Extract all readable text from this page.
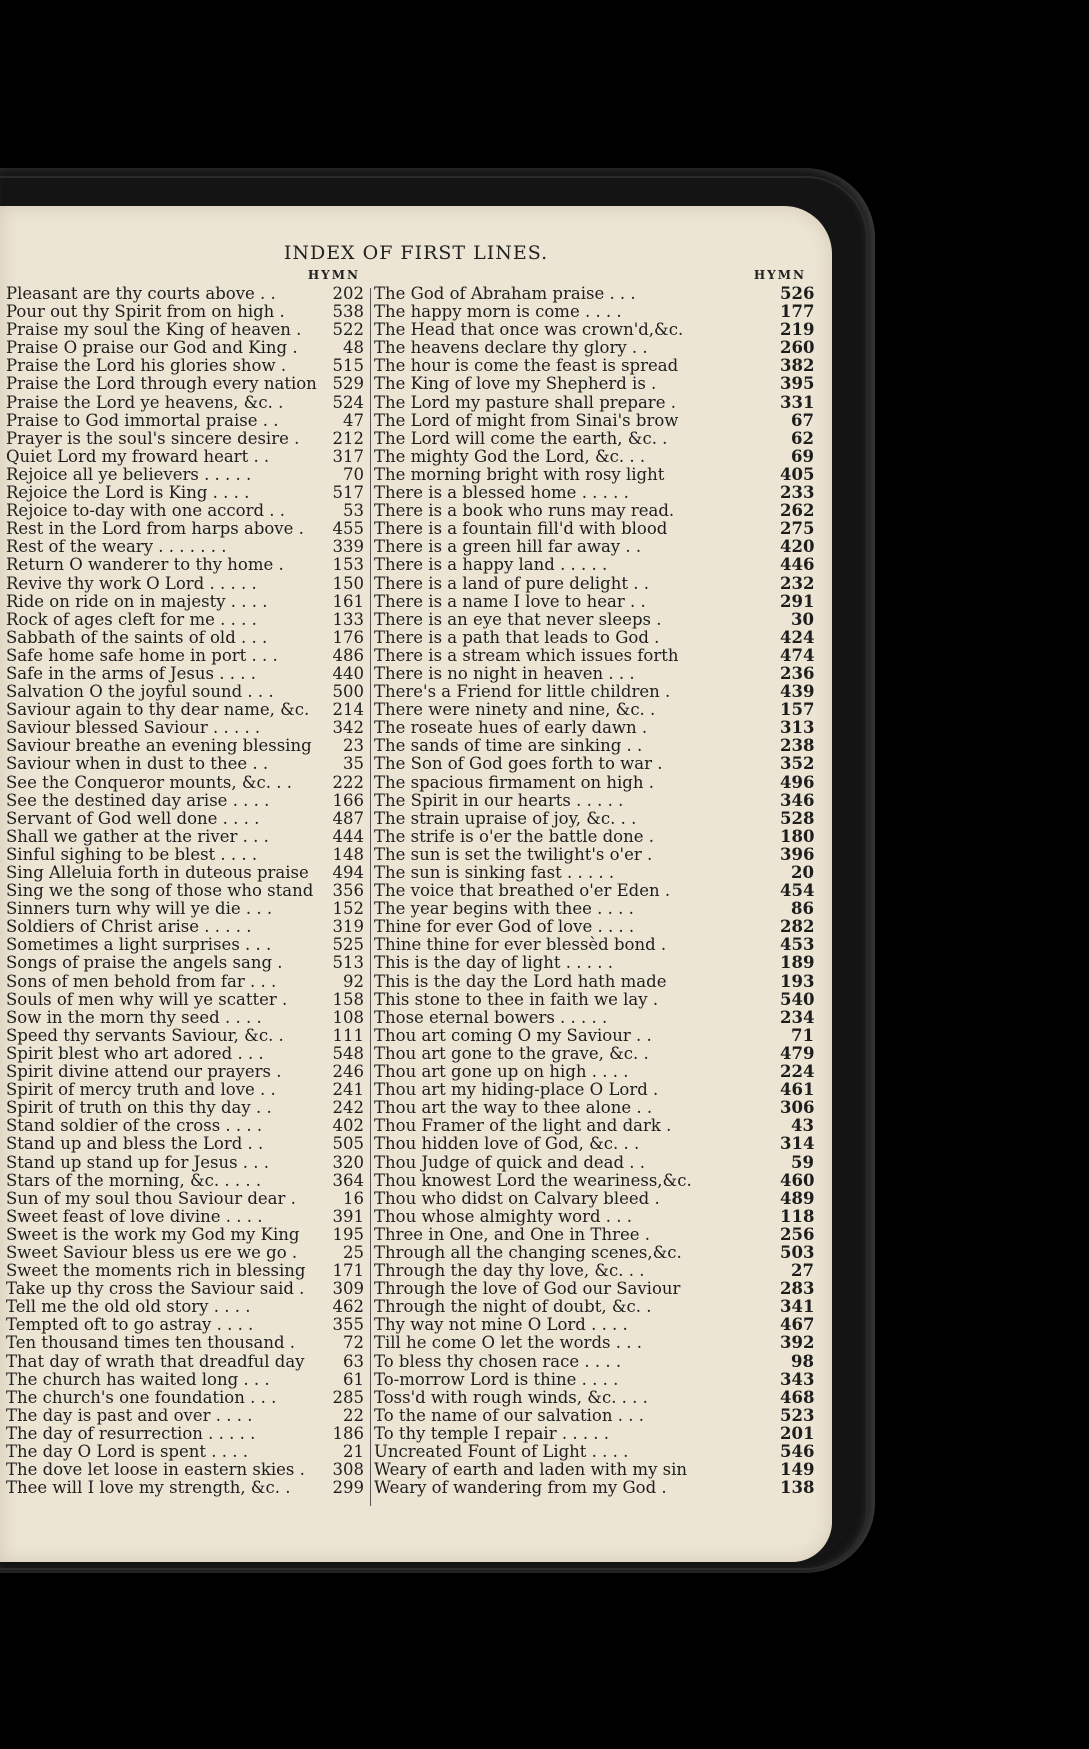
INDEX OF FIRST LINES.
HYMN
Pleasant are thy courts above . .	202
Pour out thy Spirit from on high .	538
Praise my soul the King of heaven .	522
Praise O praise our God and King .	48
Praise the Lord his glories show .	515
Praise the Lord through every nation 529
Praise the Lord ye heavens, &c. .	524
Praise to God immortal praise . .	47
Prayer is the soul's sincere desire .	212
Quiet Lord my froward heart . .	317
Rejoice all ye believers . . . . .	70
Rejoice the Lord is King . . . .	517
Rejoice to-day with one accord . .	53
Rest in the Lord from harps above .	455
Rest of the weary . . . . . . .	339
Return O wanderer to thy home .	153
Revive thy work O Lord . . . . .	150
Ride on ride on in majesty . . . .	161
Rock of ages cleft for me . . . .	133
Sabbath of the saints of old . . .	176
Safe home safe home in port . . .	486
Safe in the arms of Jesus . . . .	440
Salvation O the joyful sound . . .	500
Saviour again to thy dear name, &c.	214
Saviour blessed Saviour . . . . .	342
Saviour breathe an evening blessing	23
Saviour when in dust to thee . .	35
See the Conqueror mounts, &c. . .	222
See the destined day arise . . . .	166
Servant of God well done . . . .	487
Shall we gather at the river . . .	444
Sinful sighing to be blest . . . .	148
Sing Alleluia forth in duteous praise	494
Sing we the song of those who stand	356
Sinners turn why will ye die . . .	152
Soldiers of Christ arise . . . . .	319
Sometimes a light surprises . . .	525
Songs of praise the angels sang .	513
Sons of men behold from far . . .	92
Souls of men why will ye scatter .	158
Sow in the morn thy seed . . . .	108
Speed thy servants Saviour, &c. .	111
Spirit blest who art adored . . .	548
Spirit divine attend our prayers .	246
Spirit of mercy truth and love . .	241
Spirit of truth on this thy day . .	242
Stand soldier of the cross . . . .	402
Stand up and bless the Lord . .	505
Stand up stand up for Jesus . . .	320
Stars of the morning, &c. . . . .	364
Sun of my soul thou Saviour dear .	16
Sweet feast of love divine . . . .	391
Sweet is the work my God my King	195
Sweet Saviour bless us ere we go .	25
Sweet the moments rich in blessing	171
Take up thy cross the Saviour said .	309
Tell me the old old story . . . .	462
Tempted oft to go astray . . . .	355
Ten thousand times ten thousand .	72
That day of wrath that dreadful day	63
The church has waited long . . .	61
The church's one foundation . . .	285
The day is past and over . . . .	22
The day of resurrection . . . . .	186
The day O Lord is spent . . . .	21
The dove let loose in eastern skies .	308
Thee will I love my strength, &c. .	299
HYMN
The God of Abraham praise . . .	526
The happy morn is come . . . .	177
The Head that once was crown'd,&c.	219
The heavens declare thy glory . .	260
The hour is come the feast is spread	382
The King of love my Shepherd is .	395
The Lord my pasture shall prepare .	331
The Lord of might from Sinai's brow	67
The Lord will come the earth, &c. .	62
The mighty God the Lord, &c. . .	69
The morning bright with rosy light	405
There is a blessed home . . . . .	233
There is a book who runs may read.	262
There is a fountain fill'd with blood	275
There is a green hill far away . .	420
There is a happy land . . . . .	446
There is a land of pure delight . .	232
There is a name I love to hear . .	291
There is an eye that never sleeps .	30
There is a path that leads to God .	424
There is a stream which issues forth	474
There is no night in heaven . . .	236
There's a Friend for little children .	439
There were ninety and nine, &c. .	157
The roseate hues of early dawn .	313
The sands of time are sinking . .	238
The Son of God goes forth to war .	352
The spacious firmament on high .	496
The Spirit in our hearts . . . . .	346
The strain upraise of joy, &c. . .	528
The strife is o'er the battle done .	180
The sun is set the twilight's o'er .	396
The sun is sinking fast . . . . .	20
The voice that breathed o'er Eden .	454
The year begins with thee . . . .	86
Thine for ever God of love . . . .	282
Thine thine for ever blessèd bond .	453
This is the day of light . . . . .	189
This is the day the Lord hath made	193
This stone to thee in faith we lay .	540
Those eternal bowers . . . . .	234
Thou art coming O my Saviour . .	71
Thou art gone to the grave, &c. .	479
Thou art gone up on high . . . .	224
Thou art my hiding-place O Lord .	461
Thou art the way to thee alone . .	306
Thou Framer of the light and dark .	43
Thou hidden love of God, &c. . .	314
Thou Judge of quick and dead . .	59
Thou knowest Lord the weariness,&c.	460
Thou who didst on Calvary bleed .	489
Thou whose almighty word . . .	118
Three in One, and One in Three .	256
Through all the changing scenes,&c.	503
Through the day thy love, &c. . .	27
Through the love of God our Saviour	283
Through the night of doubt, &c. .	341
Thy way not mine O Lord . . . .	467
Till he come O let the words . . .	392
To bless thy chosen race . . . .	98
To-morrow Lord is thine . . . .	343
Toss'd with rough winds, &c. . . .	468
To the name of our salvation . . .	523
To thy temple I repair . . . . .	201
Uncreated Fount of Light . . . .	546
Weary of earth and laden with my sin	149
Weary of wandering from my God .	138
